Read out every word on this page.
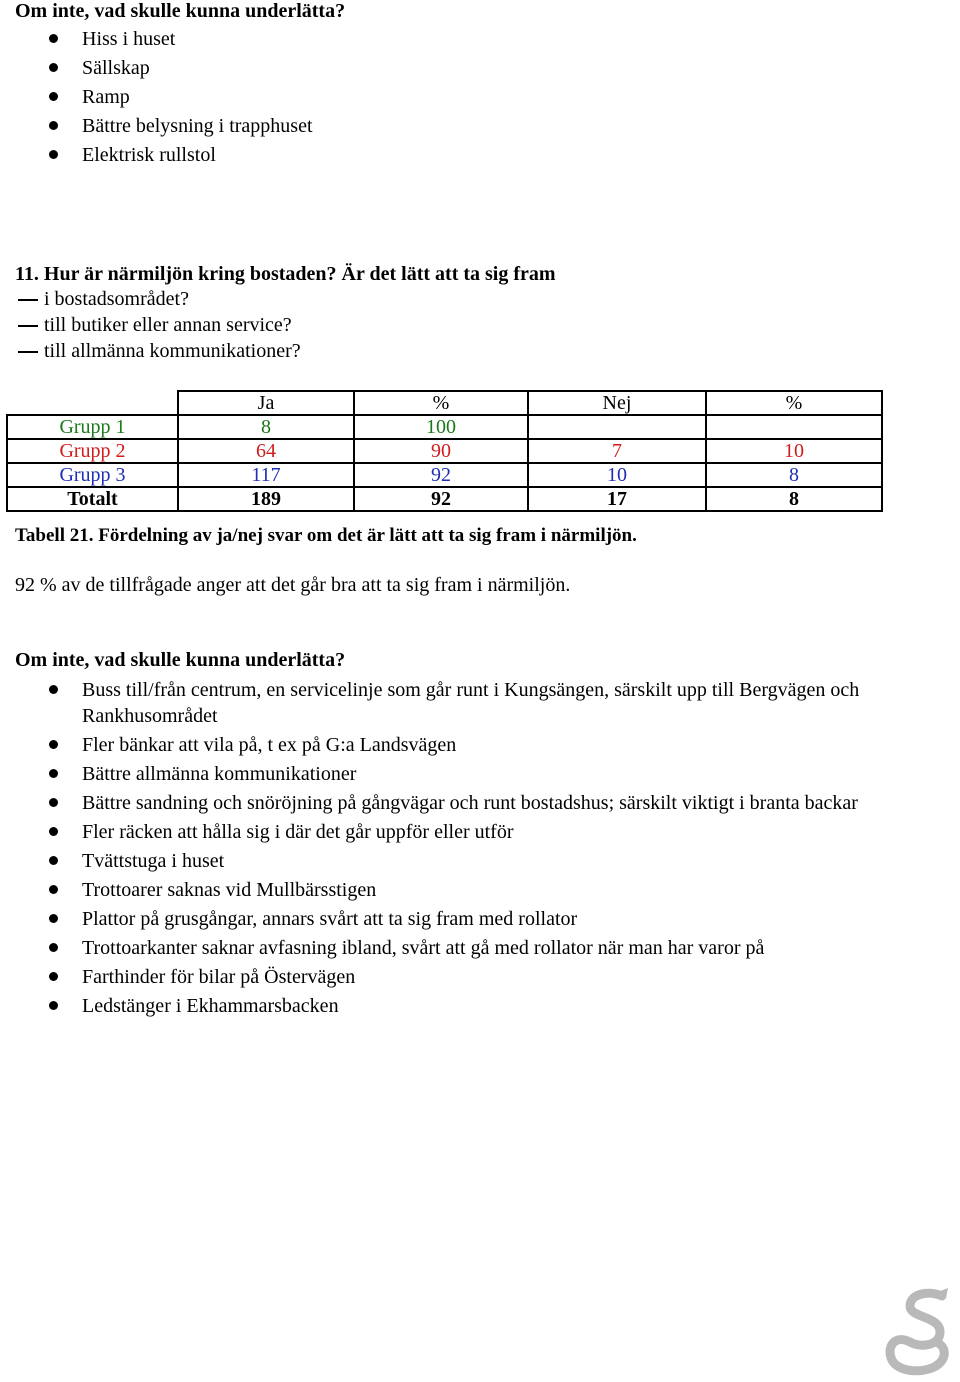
Om inte, vad skulle kunna underlätta?
Hiss i huset
Sällskap
Ramp
Bättre belysning i trapphuset
Elektrisk rullstol
11. Hur är närmiljön kring bostaden? Är det lätt att ta sig fram
i bostadsområdet?
till butiker eller annan service?
till allmänna kommunikationer?
	Ja	%	Nej	%
Grupp 1	8	100		
Grupp 2	64	90	7	10
Grupp 3	117	92	10	8
Totalt	189	92	17	8
Tabell 21. Fördelning av ja/nej svar om det är lätt att ta sig fram i närmiljön.
92 % av de tillfrågade anger att det går bra att ta sig fram i närmiljön.
Om inte, vad skulle kunna underlätta?
Buss till/från centrum, en servicelinje som går runt i Kungsängen, särskilt upp till Bergvägen och Rankhusområdet
Fler bänkar att vila på, t ex på G:a Landsvägen
Bättre allmänna kommunikationer
Bättre sandning och snöröjning på gångvägar och runt bostadshus; särskilt viktigt i branta backar
Fler räcken att hålla sig i där det går uppför eller utför
Tvättstuga i huset
Trottoarer saknas vid Mullbärsstigen
Plattor på grusgångar, annars svårt att ta sig fram med rollator
Trottoarkanter saknar avfasning ibland, svårt att gå med rollator när man har varor på
Farthinder för bilar på Östervägen
Ledstänger i Ekhammarsbacken
